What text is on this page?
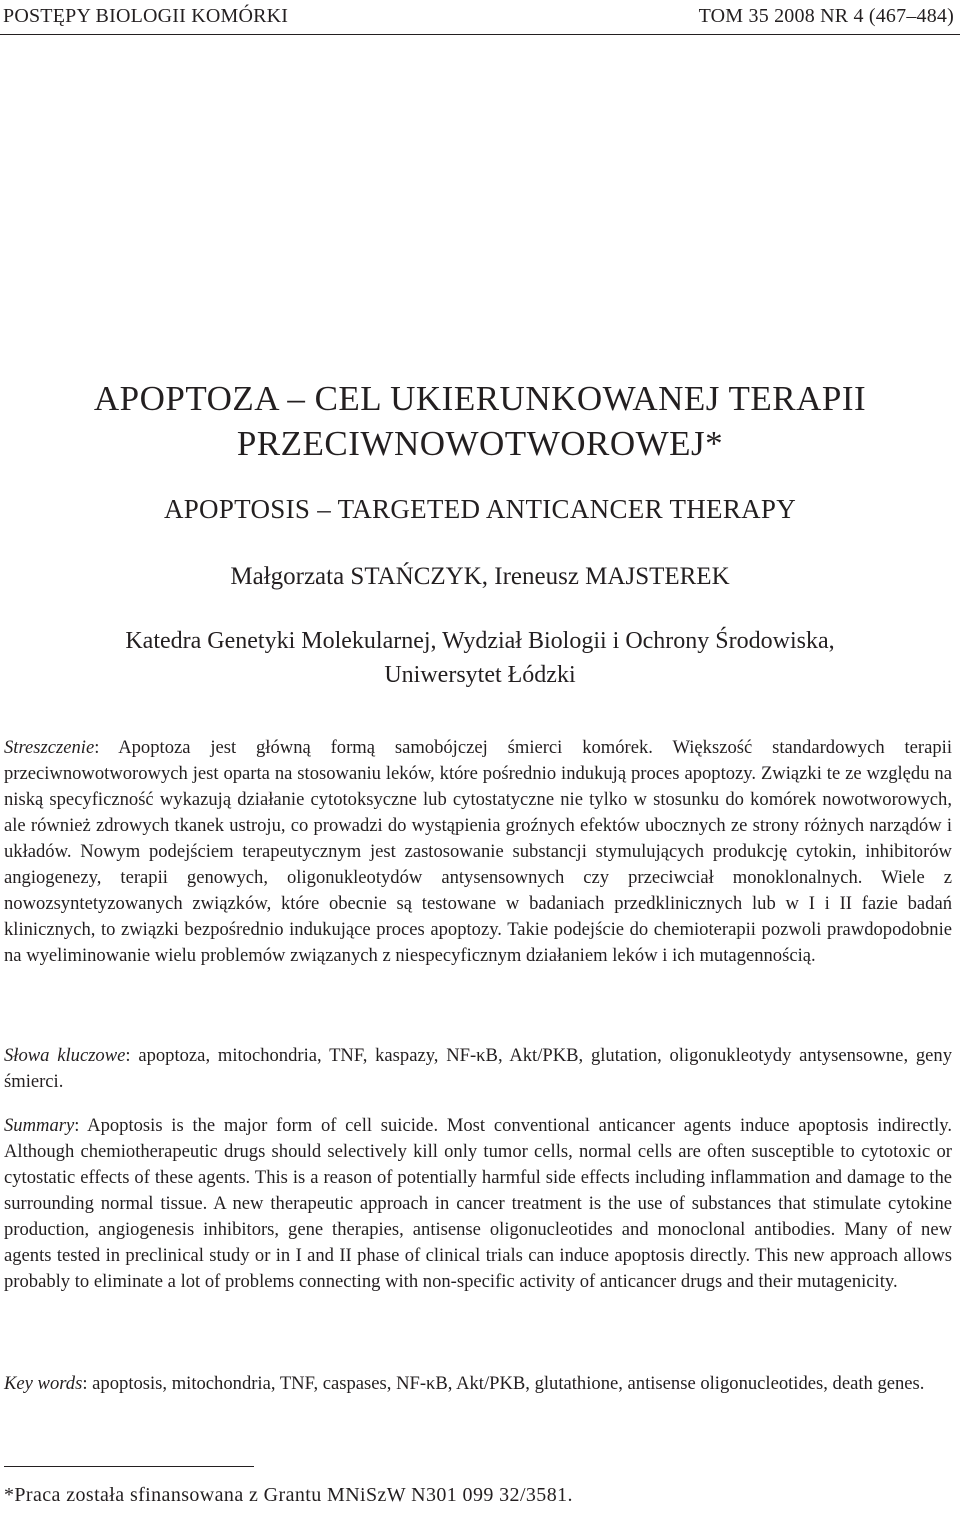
POSTĘPY BIOLOGII KOMÓRKI	TOM 35 2008 NR 4 (467–484)
APOPTOZA – CEL UKIERUNKOWANEJ TERAPII
PRZECIWNOWOTWOROWEJ*
APOPTOSIS – TARGETED ANTICANCER THERAPY
Małgorzata STAŃCZYK, Ireneusz MAJSTEREK
Katedra Genetyki Molekularnej, Wydział Biologii i Ochrony Środowiska,
Uniwersytet Łódzki
Streszczenie: Apoptoza jest główną formą samobójczej śmierci komórek. Większość standardowych terapii przeciwnowotworowych jest oparta na stosowaniu leków, które pośrednio indukują proces apoptozy. Związki te ze względu na niską specyficzność wykazują działanie cytotoksyczne lub cytostatyczne nie tylko w stosunku do komórek nowotworowych, ale również zdrowych tkanek ustroju, co prowadzi do wystąpienia groźnych efektów ubocznych ze strony różnych narządów i układów. Nowym podejściem terapeutycznym jest zastosowanie substancji stymulujących produkcję cytokin, inhibitorów angiogenezy, terapii genowych, oligonukleotydów antysensownych czy przeciwciał monoklonalnych. Wiele z nowozsyntetyzowanych związków, które obecnie są testowane w badaniach przedklinicznych lub w I i II fazie badań klinicznych, to związki bezpośrednio indukujące proces apoptozy. Takie podejście do chemioterapii pozwoli prawdopodobnie na wyeliminowanie wielu problemów związanych z niespecyficznym działaniem leków i ich mutagennością.
Słowa kluczowe: apoptoza, mitochondria, TNF, kaspazy, NF-κB, Akt/PKB, glutation, oligonukleotydy antysensowne, geny śmierci.
Summary: Apoptosis is the major form of cell suicide. Most conventional anticancer agents induce apoptosis indirectly. Although chemiotherapeutic drugs should selectively kill only tumor cells, normal cells are often susceptible to cytotoxic or cytostatic effects of these agents. This is a reason of potentially harmful side effects including inflammation and damage to the surrounding normal tissue. A new therapeutic approach in cancer treatment is the use of substances that stimulate cytokine production, angiogenesis inhibitors, gene therapies, antisense oligonucleotides and monoclonal antibodies. Many of new agents tested in preclinical study or in I and II phase of clinical trials can induce apoptosis directly. This new approach allows probably to eliminate a lot of problems connecting with non-specific activity of anticancer drugs and their mutagenicity.
Key words: apoptosis, mitochondria, TNF, caspases, NF-κB, Akt/PKB, glutathione, antisense oligonucleotides, death genes.
*Praca została sfinansowana z Grantu MNiSzW N301 099 32/3581.
